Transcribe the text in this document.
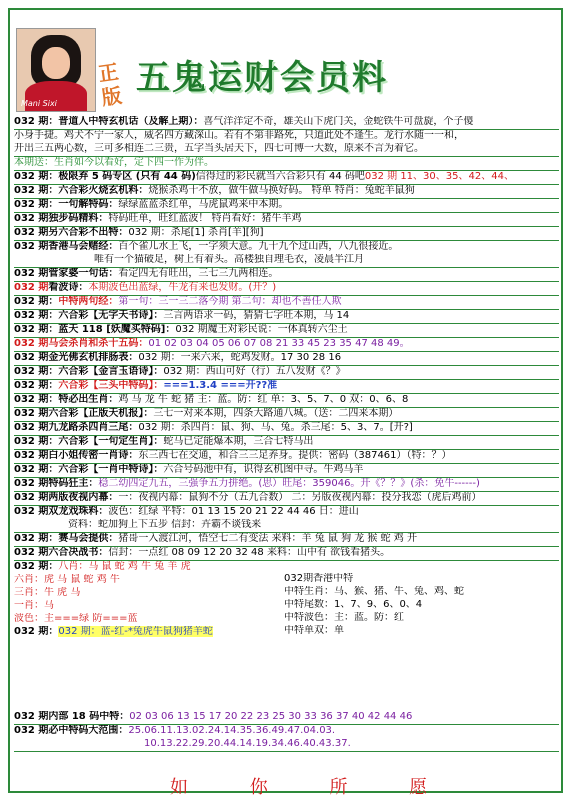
Mani Sixi
正版 五鬼运财会员料
032 期：普道人中特玄机话（及解上期）：喜气洋洋定不奇，雄关山下虎门关，金蛇铁牛可盘旋，个子傻
小身手捷。鸡犬不宁一家人，威名四方藏深山。若有不第非路死，只道此处不逢生。龙行水随一一和，
开出三五两心数，三可多相连二三贵，五字当头居天下，四七可博一大数，原来不言为着它。
本期送：生肖如今以看好，定下四一作为伴。
032 期：极限弃 5 码专区 (只有 44 码)信得过的彩民就当六合彩只有 44 码吧032 期 11、30、35、42、44、
032 期：六合彩火烧玄机料：烧猴杀鸡十不放，做牛做马换好码。 特单 特肖：兔蛇羊鼠狗
032 期：一句解特码：绿绿蓝蓝杀红单，马虎鼠鸡来中本期。
032 期独步码精料：特码旺单，旺红蓝波！ 特肖看好：猪牛羊鸡
032 期另六合彩不出特：032 期：杀尾[1] 杀肖[羊][狗]
032 期香港马会赌经：百个雀儿水上飞，一字须大意。九十九个过山西，八九很接近。
唯有一个猫破足，树上有着头。高楼独自理毛衣，凌晨半江月
032 期管家婆一句话：看定四无有旺出，三七三九两相连。
032 期看波诗：本期波色出蓝绿，牛龙有来也发财。(开？)
032 期：中特两句经：第一句：三一三二落今期 第二句：却也不善任人欺
032 期：六合彩【无字天书诗】：三言两语求一码，猜猜七字旺本期，马 14
032 期：蓝天 118 [妖魔买特码]：032 期魔王对彩民说：一体真转六尘土
032 期马会杀肖和杀十五码：01 02 03 04 05 06 07 08 21 33 45 23 35 47 48 49。
032 期金光佛玄机排肠表：032 期：一来六来，蛇鸡发财。17 30 28 16
032 期：六合彩【金言玉语诗】：032 期：西山可好（行）五八发财《？》
032 期：六合彩【三头中特码】：===1.3.4 ===开??准
032 期：特必出生肖：鸡 马 龙 牛 蛇 猪 主：蓝。防：红 单：3、5、7、0 双：0、6、8
032 期六合彩【正版天机报】：三七一对来本期，四条大路通八城。（送：二四来本期）
032 期九龙路杀四肖三尾：032 期：杀四肖：鼠、狗、马、兔。杀三尾：5、3、7。[开?]
032 期：六合彩【一句定生肖】：蛇马已定能爆本期，三合七特马出
032 期白小姐传密一肖诗：东三西七在交通，和合三三足养身。提供：密码（387461）（特：？）
032 期：六合彩【一肖中特诗】：六合号码池中有，识得玄机图中寻。牛鸡马羊
032 期特码狂主：稳二幼四定九五，三强争五力拼绝。(思）旺尾：359046。开《？？》(杀：免牛------)
032 期两版夜视内幕：一：夜视内幕：鼠狗不分（五九合数） 二：另版夜视内幕：投分我恋（虎后鸡前）
032 期双龙戏珠料：波色：红绿 平特：01 13 15 20 21 22 44 46 日：进山
资料：蛇加狗上下五步 信封：卉霸不谈钱来
032 期：赛马会提供：猪哥一入渡江河，悟空七二有变法 来料：羊 兔 鼠 狗 龙 猴 蛇 鸡 开
032 期六合决战书：信封：一点红 08 09 12 20 32 48 来料：山中有 欲钱看猪头。
032 期：八肖：马 鼠 蛇 鸡 牛 兔 羊 虎
六肖：虎 马 鼠 蛇 鸡 牛
三肖：牛 虎 马
一肖：马
波色：主===绿 防===蓝
032 期：032 期：蓝-红-*兔虎牛鼠狗猪羊蛇
032期香港中特
中特生肖：马、猴、猪、牛、兔、鸡、蛇
中特尾数：1、7、9、6、0、4
中特波色：主：蓝。防：红
中特单双：单
032 期内部 18 码中特：02 03 06 13 15 17 20 22 23 25 30 33 36 37 40 42 44 46
032 期必中特码大范围：25.06.11.13.02.24.14.35.36.49.47.04.03.
10.13.22.29.20.44.14.19.34.46.40.43.37.
如 你 所 愿
